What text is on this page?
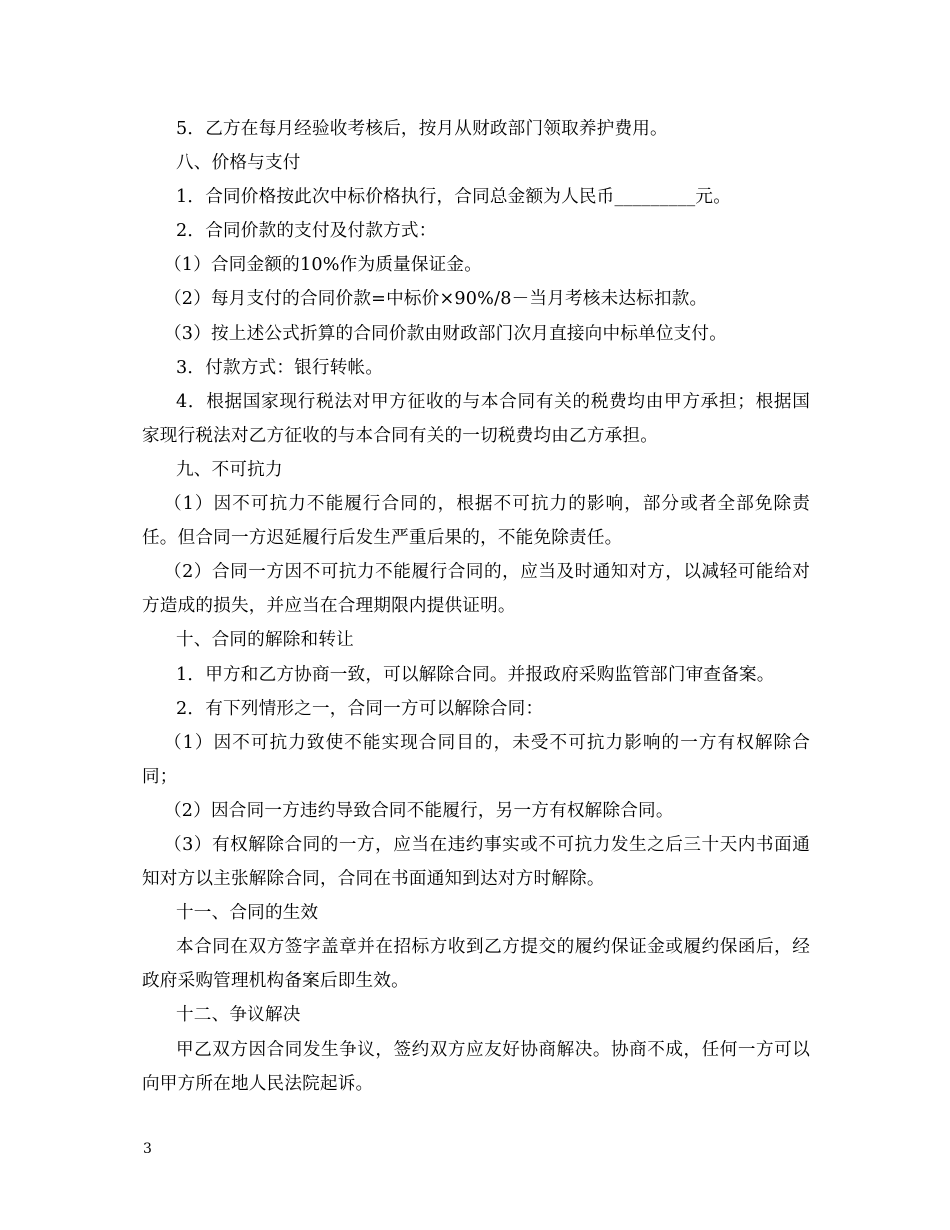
5．乙方在每月经验收考核后，按月从财政部门领取养护费用。

八、价格与支付

1．合同价格按此次中标价格执行，合同总金额为人民币_________元。

2．合同价款的支付及付款方式：

（1）合同金额的10%作为质量保证金。

（2）每月支付的合同价款=中标价×90%/8－当月考核未达标扣款。

（3）按上述公式折算的合同价款由财政部门次月直接向中标单位支付。

3．付款方式：银行转帐。

4．根据国家现行税法对甲方征收的与本合同有关的税费均由甲方承担；根据国家现行税法对乙方征收的与本合同有关的一切税费均由乙方承担。

九、不可抗力

（1）因不可抗力不能履行合同的，根据不可抗力的影响，部分或者全部免除责任。但合同一方迟延履行后发生严重后果的，不能免除责任。

（2）合同一方因不可抗力不能履行合同的，应当及时通知对方，以减轻可能给对方造成的损失，并应当在合理期限内提供证明。

十、合同的解除和转让

1．甲方和乙方协商一致，可以解除合同。并报政府采购监管部门审查备案。

2．有下列情形之一，合同一方可以解除合同：

（1）因不可抗力致使不能实现合同目的，未受不可抗力影响的一方有权解除合同；

（2）因合同一方违约导致合同不能履行，另一方有权解除合同。

（3）有权解除合同的一方，应当在违约事实或不可抗力发生之后三十天内书面通知对方以主张解除合同，合同在书面通知到达对方时解除。

十一、合同的生效

本合同在双方签字盖章并在招标方收到乙方提交的履约保证金或履约保函后，经政府采购管理机构备案后即生效。

十二、争议解决

甲乙双方因合同发生争议，签约双方应友好协商解决。协商不成，任何一方可以向甲方所在地人民法院起诉。

3
